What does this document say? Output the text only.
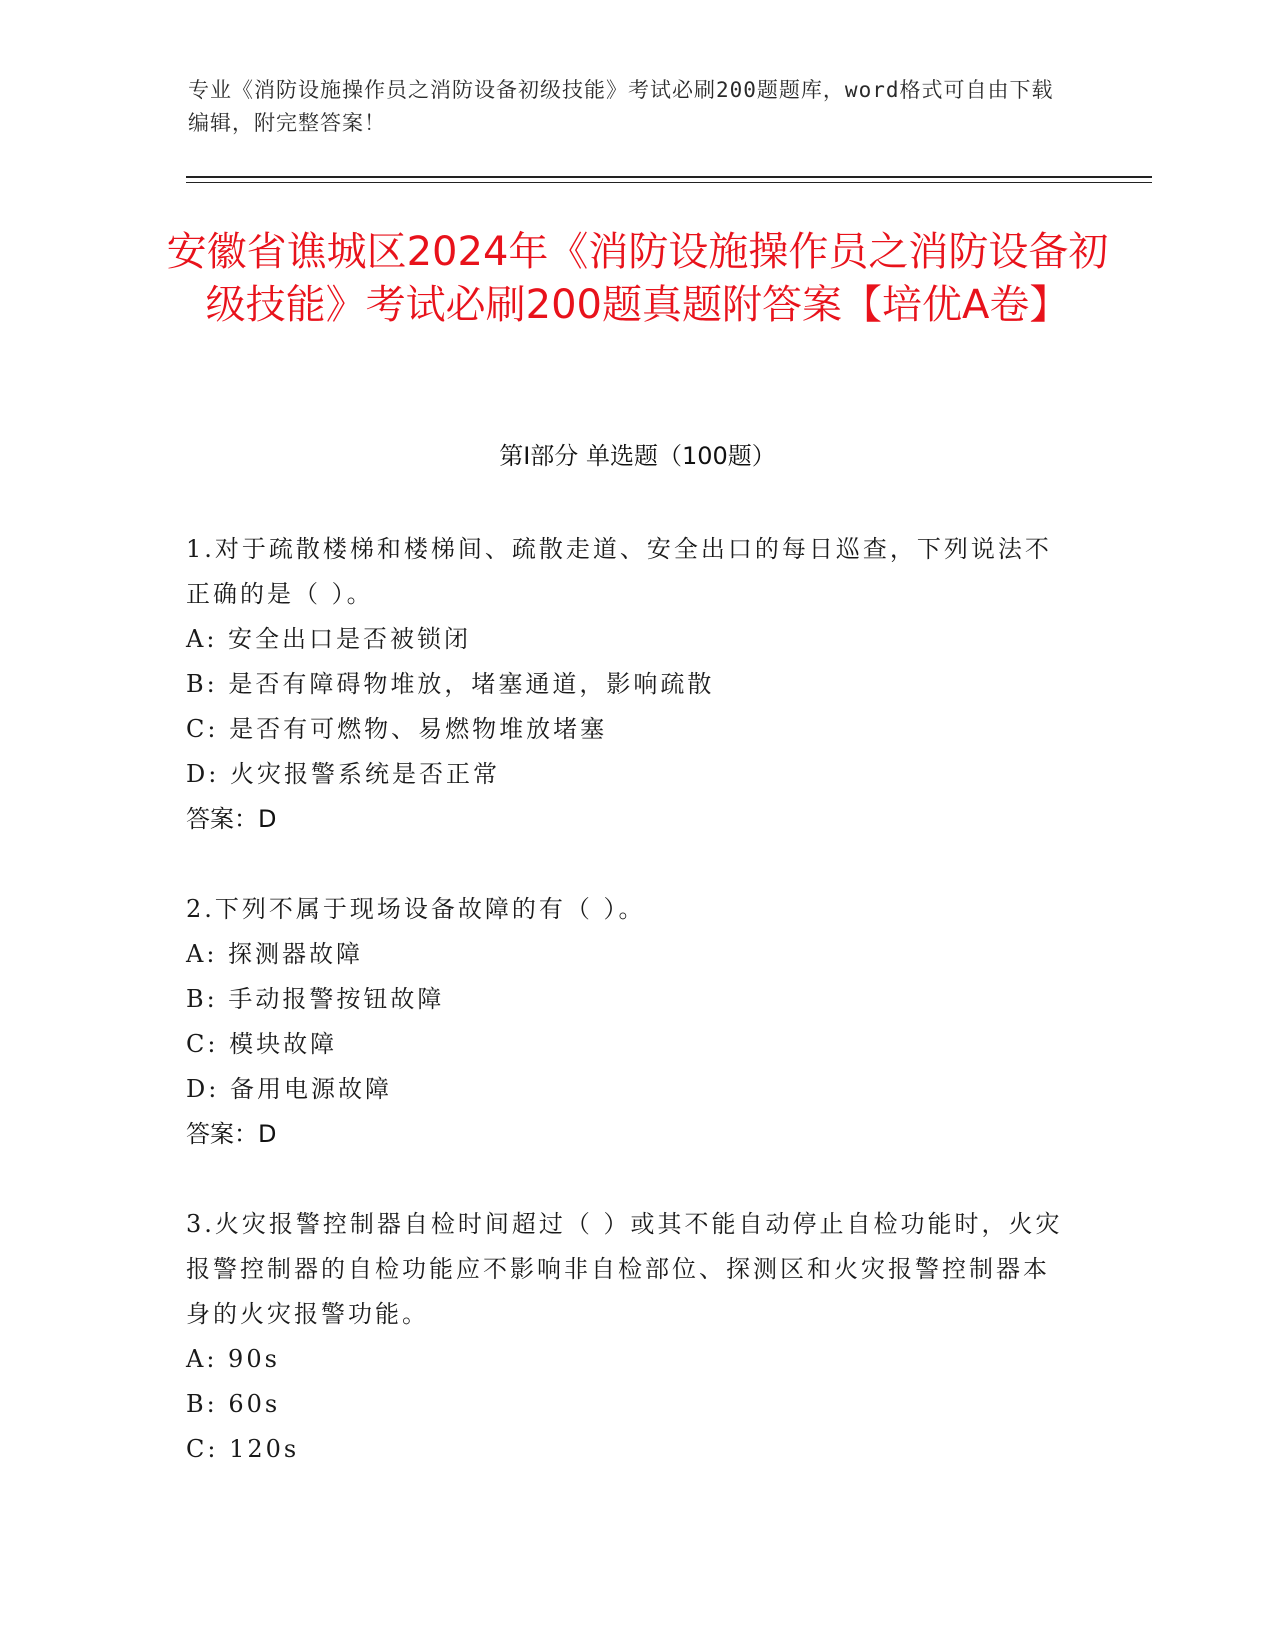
专业《消防设施操作员之消防设备初级技能》考试必刷200题题库，word格式可自由下载编辑，附完整答案！
安徽省谯城区2024年《消防设施操作员之消防设备初级技能》考试必刷200题真题附答案【培优A卷】
第Ⅰ部分 单选题（100题）

1.对于疏散楼梯和楼梯间、疏散走道、安全出口的每日巡查，下列说法不正确的是（ ）。

A: 安全出口是否被锁闭

B: 是否有障碍物堆放，堵塞通道，影响疏散

C: 是否有可燃物、易燃物堆放堵塞

D: 火灾报警系统是否正常

答案：D

2.下列不属于现场设备故障的有（ ）。

A: 探测器故障

B: 手动报警按钮故障

C: 模块故障

D: 备用电源故障

答案：D

3.火灾报警控制器自检时间超过（ ）或其不能自动停止自检功能时，火灾报警控制器的自检功能应不影响非自检部位、探测区和火灾报警控制器本身的火灾报警功能。

A: 90s

B: 60s

C: 120s
